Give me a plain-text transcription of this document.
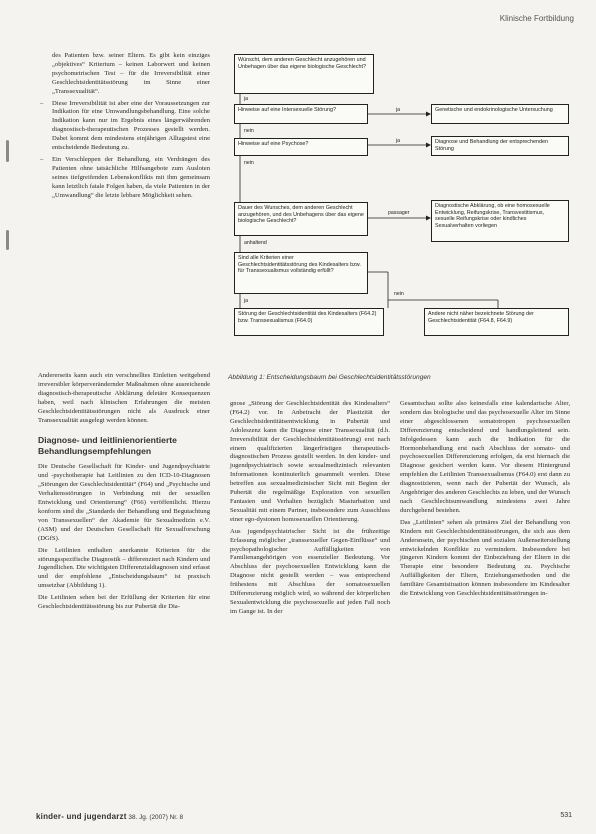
Klinische Fortbildung

des Patienten bzw. seiner Eltern. Es gibt kein einziges „objektives“ Kriterium – keinen Laborwert und keinen psychometrischen Test – für die Irreversibilität einer Geschlechtsidentitätsstörung im Sinne einer „Transsexualität“.

– Diese Irreversibilität ist aber eine der Voraussetzungen zur Indikation für eine Umwandlungsbehandlung. Eine solche Indikation kann nur im Ergebnis eines längerwährenden diagnostisch-therapeutischen Prozesses gestellt werden. Dabei kommt dem mindestens einjährigen Alltagstest eine entscheidende Bedeutung zu.

– Ein Verschleppen der Behandlung, ein Verdrängen des Patienten ohne tatsächliche Hilfsangebote zum Ausloten seines tiefgreifenden Lebenskonflikts mit ihm gemeinsam kann letztlich fatale Folgen haben, da viele Patienten in der „Umwandlung“ die letzte lebbare Möglichkeit sehen.

Andererseits kann auch ein verschnelltes Einleiten weitgehend irreversibler körperverändernder Maßnahmen ohne ausreichende diagnostisch-therapeutische Abklärung deletäre Konsequenzen haben, weil nach klinischen Erfahrungen die meisten Geschlechtsidentitätsstörungen nicht als Ausdruck einer Transsexualität ausgelegt werden können.

Diagnose- und leitlinienorientierte Behandlungsempfehlungen

Die Deutsche Gesellschaft für Kinder- und Jugendpsychiatrie und -psychotherapie hat Leitlinien zu den ICD-10-Diagnosen „Störungen der Geschlechtsidentität“ (F64) und „Psychische und Verhaltensstörungen in Verbindung mit der sexuellen Entwicklung und Orientierung“ (F66) veröffentlicht. Hierzu konform sind die „Standards der Behandlung und Begutachtung von Transsexuellen“ der Akademie für Sexualmedizin e.V. (ASM) und der Deutschen Gesellschaft für Sexualforschung (DGfS).

Die Leitlinien enthalten anerkannte Kriterien für die störungsspezifische Diagnostik – differenziert nach Kindern und Jugendlichen. Die wichtigsten Differenzialdiagnosen sind erfasst und der empfohlene „Entscheidungsbaum“ ist praxisch umsetzbar (Abbildung 1).

Die Leitlinien sehen bei der Erfüllung der Kriterien für eine Geschlechtsidentitätsstörung bis zur Pubertät die Dia-

Wünscht, dem anderen Geschlecht anzugehören und Unbehagen über das eigene biologische Geschlecht?
ja
Hinweise auf eine Intersexuelle Störung?
nein
ja
Hinweise auf eine Psychose?
nein
ja
Dauer des Wunsches, dem anderen Geschlecht anzugehören, und des Unbehagens über das eigene biologische Geschlecht?
passager
anhaltend
Sind alle Kriterien einer Geschlechtsidentitätsstörung des Kindesalters bzw. für Transsexualismus vollständig erfüllt?
ja
nein
Genetische und endokrinologische Untersuchung
Diagnose und Behandlung der entsprechenden Störung
Diagnostische Abklärung, ob eine homosexuelle Entwicklung, Reifungskrise, Transvestitismus, sexuelle Reifungskrise oder kindliches Sexualverhalten vorliegen
Störung der Geschlechtsidentität des Kindesalters (F64.2) bzw. Transsexualismus (F64.0)
Andere nicht näher bezeichnete Störung der Geschlechtsidentität (F64.8, F64.9)
Abbildung 1: Entscheidungsbaum bei Geschlechtsidentitätsstörungen

gnose „Störung der Geschlechtsidentität des Kindesalters“ (F64.2) vor. In Anbetracht der Plastizität der Geschlechtsidentitätsentwicklung in Pubertät und Adoleszenz kann die Diagnose einer Transsexualität (d.h. Irreversibilität der Geschlechtsidentitätsstörung) erst nach einem qualifizierten längerfristigen therapeutisch-diagnostischen Prozess gestellt werden. In den kinder- und jugendpsychiatrisch sowie sexualmedizinisch relevanten Informationen kontinuierlich gesammelt werden. Diese betreffen aus sexualmedizinischer Sicht mit Beginn der Pubertät die regelmäßige Exploration von sexuellen Fantasien und Verhalten bezüglich Masturbation und Sexualität mit einem Partner, insbesondere zum Ausschluss einer ego-dystonen homosexuellen Orientierung.

Aus jugendpsychiatrischer Sicht ist die frühzeitige Erfassung möglicher „transsexueller Gegen-Einflüsse“ und psychopathologischer Auffälligkeiten von Familienangehörigen von essenzieller Bedeutung. Vor Abschluss der psychosexuellen Entwicklung kann die Diagnose nicht gestellt werden – was entsprechend frühestens mit Abschluss der somatosexuellen Differenzierung möglich wird, so während der körperlichen Sexualentwicklung die psychosexuelle auf jeden Fall noch im Gange ist. In der

Gesamtschau sollte also keinesfalls eine kalendarische Alter, sondern das biologische und das psychosexuelle Alter im Sinne einer abgeschlossenen somatotropen psychosexuellen Differenzierung entscheidend und handlungsleitend sein. Infolgedessen kann auch die Indikation für die Hormonbehandlung erst nach Abschluss der somato- und psychosexuellen Differenzierung erfolgen, da erst hiernach die Diagnose gesichert werden kann. Vor diesem Hintergrund empfehlen die Leitlinien Transsexualismus (F64.0) erst dann zu diagnostizieren, wenn nach der Pubertät der Wunsch, als Angehöriger des anderen Geschlechts zu leben, und der Wunsch nach Geschlechtsumwandlung mindestens zwei Jahre durchgehend bestehen.

Das „Leitlinien“ sehen als primäres Ziel der Behandlung von Kindern mit Geschlechtsidentitätsstörungen, die sich aus dem Andersnsein, der psychischen und sozialen Außenseiterstellung entwickelnden Konflikte zu vermindern. Insbesondere bei jüngeren Kindern kommt der Einbeziehung der Eltern in die Therapie eine besondere Bedeutung zu. Psychische Auffälligkeiten der Eltern, Erziehungsmethoden und die familiäre Gesamtsituation können insbesondere im Kindesalter die Entwicklung von Geschlechtsidentitätsstörungen in-

kinder- und jugendarzt 38. Jg. (2007) Nr. 8	531
